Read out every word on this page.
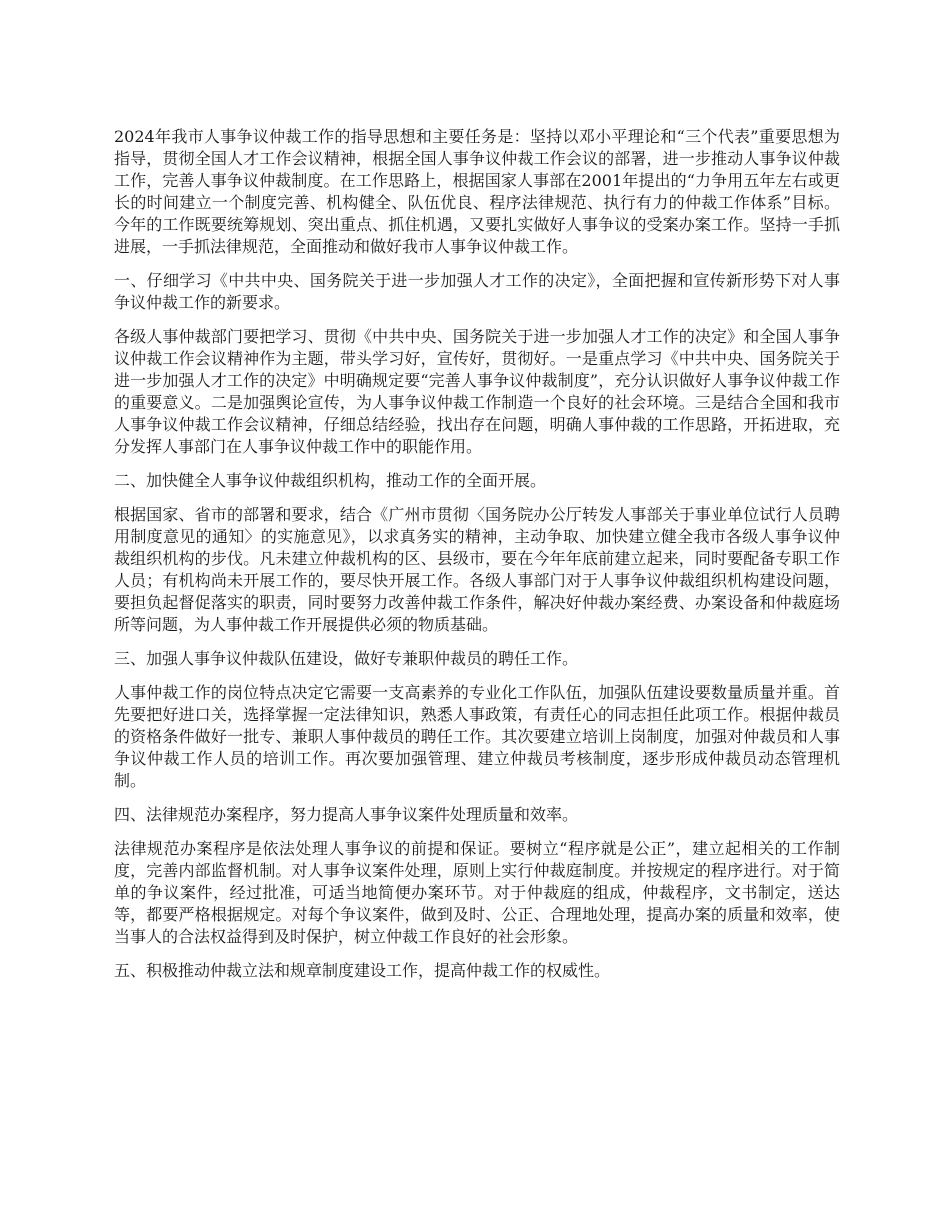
2024年我市人事争议仲裁工作的指导思想和主要任务是：坚持以邓小平理论和“三个代表”重要思想为指导，贯彻全国人才工作会议精神，根据全国人事争议仲裁工作会议的部署，进一步推动人事争议仲裁工作，完善人事争议仲裁制度。在工作思路上，根据国家人事部在2001年提出的“力争用五年左右或更长的时间建立一个制度完善、机构健全、队伍优良、程序法律规范、执行有力的仲裁工作体系”目标。今年的工作既要统筹规划、突出重点、抓住机遇，又要扎实做好人事争议的受案办案工作。坚持一手抓进展，一手抓法律规范，全面推动和做好我市人事争议仲裁工作。

一、仔细学习《中共中央、国务院关于进一步加强人才工作的决定》，全面把握和宣传新形势下对人事争议仲裁工作的新要求。

各级人事仲裁部门要把学习、贯彻《中共中央、国务院关于进一步加强人才工作的决定》和全国人事争议仲裁工作会议精神作为主题，带头学习好，宣传好，贯彻好。一是重点学习《中共中央、国务院关于进一步加强人才工作的决定》中明确规定要“完善人事争议仲裁制度”，充分认识做好人事争议仲裁工作的重要意义。二是加强舆论宣传，为人事争议仲裁工作制造一个良好的社会环境。三是结合全国和我市人事争议仲裁工作会议精神，仔细总结经验，找出存在问题，明确人事仲裁的工作思路，开拓进取，充分发挥人事部门在人事争议仲裁工作中的职能作用。

二、加快健全人事争议仲裁组织机构，推动工作的全面开展。

根据国家、省市的部署和要求，结合《广州市贯彻〈国务院办公厅转发人事部关于事业单位试行人员聘用制度意见的通知〉的实施意见》，以求真务实的精神，主动争取、加快建立健全我市各级人事争议仲裁组织机构的步伐。凡未建立仲裁机构的区、县级市，要在今年年底前建立起来，同时要配备专职工作人员；有机构尚未开展工作的，要尽快开展工作。各级人事部门对于人事争议仲裁组织机构建设问题，要担负起督促落实的职责，同时要努力改善仲裁工作条件，解决好仲裁办案经费、办案设备和仲裁庭场所等问题，为人事仲裁工作开展提供必须的物质基础。

三、加强人事争议仲裁队伍建设，做好专兼职仲裁员的聘任工作。

人事仲裁工作的岗位特点决定它需要一支高素养的专业化工作队伍，加强队伍建设要数量质量并重。首先要把好进口关，选择掌握一定法律知识，熟悉人事政策，有责任心的同志担任此项工作。根据仲裁员的资格条件做好一批专、兼职人事仲裁员的聘任工作。其次要建立培训上岗制度，加强对仲裁员和人事争议仲裁工作人员的培训工作。再次要加强管理、建立仲裁员考核制度，逐步形成仲裁员动态管理机制。

四、法律规范办案程序，努力提高人事争议案件处理质量和效率。

法律规范办案程序是依法处理人事争议的前提和保证。要树立“程序就是公正”，建立起相关的工作制度，完善内部监督机制。对人事争议案件处理，原则上实行仲裁庭制度。并按规定的程序进行。对于简单的争议案件，经过批准，可适当地简便办案环节。对于仲裁庭的组成，仲裁程序，文书制定，送达等，都要严格根据规定。对每个争议案件，做到及时、公正、合理地处理，提高办案的质量和效率，使当事人的合法权益得到及时保护，树立仲裁工作良好的社会形象。

五、积极推动仲裁立法和规章制度建设工作，提高仲裁工作的权威性。
